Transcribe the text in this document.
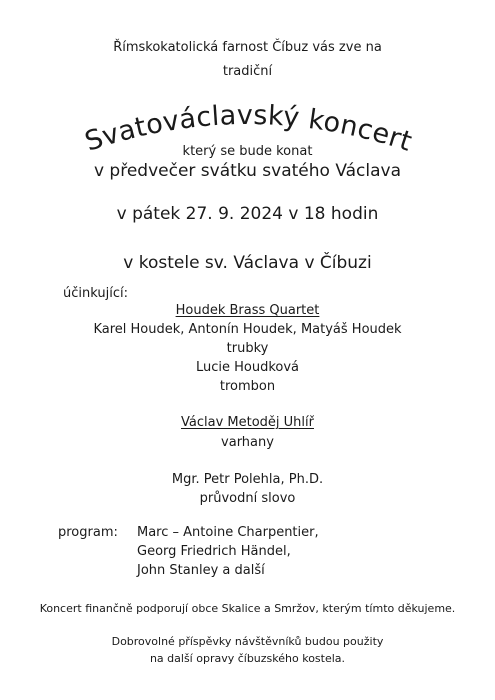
Římskokatolická farnost Číbuz vás zve na

tradiční

Svatováclavský koncert

který se bude konat

v předvečer svátku svatého Václava

v pátek 27. 9. 2024 v 18 hodin

v kostele sv. Václava v Číbuzi

účinkující:

Houdek Brass Quartet

Karel Houdek, Antonín Houdek, Matyáš Houdek

trubky

Lucie Houdková

trombon

Václav Metoděj Uhlíř

varhany

Mgr. Petr Polehla, Ph.D.

průvodní slovo

program: Marc – Antoine Charpentier,

Georg Friedrich Händel,

John Stanley a další

Koncert finančně podporují obce Skalice a Smržov, kterým tímto děkujeme.

Dobrovolné příspěvky návštěvníků budou použity

na další opravy číbuzského kostela.
